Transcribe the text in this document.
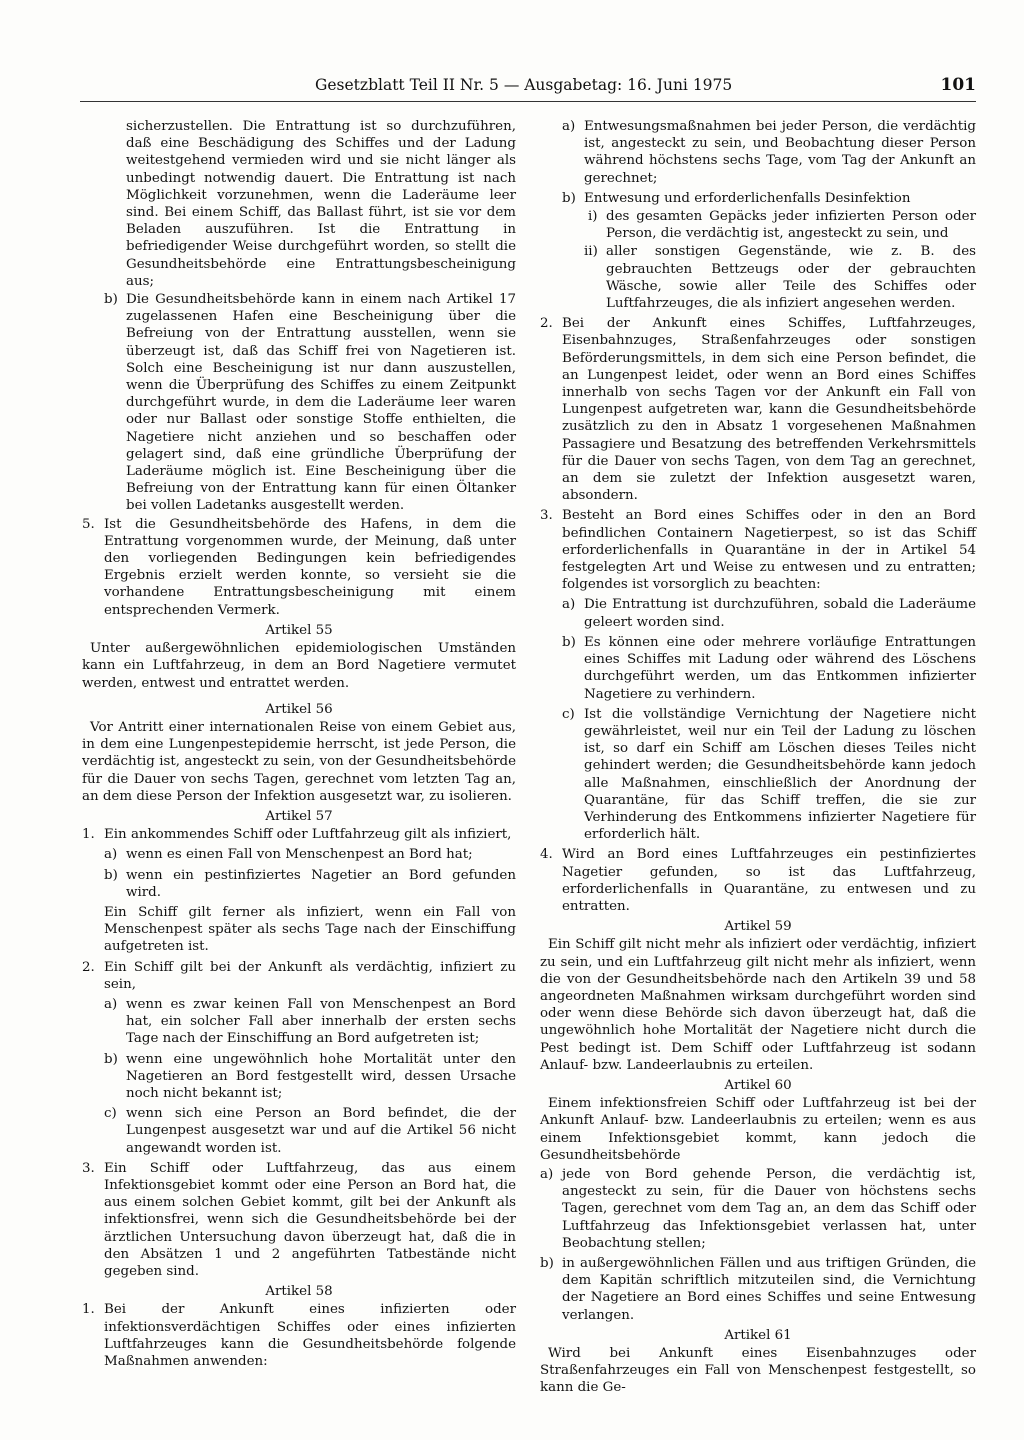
Gesetzblatt Teil II Nr. 5 — Ausgabetag: 16. Juni 1975	101

sicherzustellen. Die Entrattung ist so durchzuführen, daß eine Beschädigung des Schiffes und der Ladung weitestgehend vermieden wird und sie nicht länger als unbedingt notwendig dauert. Die Entrattung ist nach Möglichkeit vorzunehmen, wenn die Laderäume leer sind. Bei einem Schiff, das Ballast führt, ist sie vor dem Beladen auszuführen. Ist die Entrattung in befriedigender Weise durchgeführt worden, so stellt die Gesundheitsbehörde eine Entrattungsbescheinigung aus;

b) Die Gesundheitsbehörde kann in einem nach Artikel 17 zugelassenen Hafen eine Bescheinigung über die Befreiung von der Entrattung ausstellen, wenn sie überzeugt ist, daß das Schiff frei von Nagetieren ist. Solch eine Bescheinigung ist nur dann auszustellen, wenn die Überprüfung des Schiffes zu einem Zeitpunkt durchgeführt wurde, in dem die Laderäume leer waren oder nur Ballast oder sonstige Stoffe enthielten, die Nagetiere nicht anziehen und so beschaffen oder gelagert sind, daß eine gründliche Überprüfung der Laderäume möglich ist. Eine Bescheinigung über die Befreiung von der Entrattung kann für einen Öltanker bei vollen Ladetanks ausgestellt werden.
5. Ist die Gesundheitsbehörde des Hafens, in dem die Entrattung vorgenommen wurde, der Meinung, daß unter den vorliegenden Bedingungen kein befriedigendes Ergebnis erzielt werden konnte, so versieht sie die vorhandene Entrattungsbescheinigung mit einem entsprechenden Vermerk.
Artikel 55

Unter außergewöhnlichen epidemiologischen Umständen kann ein Luftfahrzeug, in dem an Bord Nagetiere vermutet werden, entwest und entrattet werden.

Artikel 56

Vor Antritt einer internationalen Reise von einem Gebiet aus, in dem eine Lungenpestepidemie herrscht, ist jede Person, die verdächtig ist, angesteckt zu sein, von der Gesundheitsbehörde für die Dauer von sechs Tagen, gerechnet vom letzten Tag an, an dem diese Person der Infektion ausgesetzt war, zu isolieren.

Artikel 57
1. Ein ankommendes Schiff oder Luftfahrzeug gilt als infiziert,
a) wenn es einen Fall von Menschenpest an Bord hat;
b) wenn ein pestinfiziertes Nagetier an Bord gefunden wird.

Ein Schiff gilt ferner als infiziert, wenn ein Fall von Menschenpest später als sechs Tage nach der Einschiffung aufgetreten ist.

2. Ein Schiff gilt bei der Ankunft als verdächtig, infiziert zu sein,
a) wenn es zwar keinen Fall von Menschenpest an Bord hat, ein solcher Fall aber innerhalb der ersten sechs Tage nach der Einschiffung an Bord aufgetreten ist;
b) wenn eine ungewöhnlich hohe Mortalität unter den Nagetieren an Bord festgestellt wird, dessen Ursache noch nicht bekannt ist;
c) wenn sich eine Person an Bord befindet, die der Lungenpest ausgesetzt war und auf die Artikel 56 nicht angewandt worden ist.
3. Ein Schiff oder Luftfahrzeug, das aus einem Infektionsgebiet kommt oder eine Person an Bord hat, die aus einem solchen Gebiet kommt, gilt bei der Ankunft als infektionsfrei, wenn sich die Gesundheitsbehörde bei der ärztlichen Untersuchung davon überzeugt hat, daß die in den Absätzen 1 und 2 angeführten Tatbestände nicht gegeben sind.
Artikel 58
1. Bei der Ankunft eines infizierten oder infektionsverdächtigen Schiffes oder eines infizierten Luftfahrzeuges kann die Gesundheitsbehörde folgende Maßnahmen anwenden:
a) Entwesungsmaßnahmen bei jeder Person, die verdächtig ist, angesteckt zu sein, und Beobachtung dieser Person während höchstens sechs Tage, vom Tag der Ankunft an gerechnet;
b) Entwesung und erforderlichenfalls Desinfektion
i) des gesamten Gepäcks jeder infizierten Person oder Person, die verdächtig ist, angesteckt zu sein, und
ii) aller sonstigen Gegenstände, wie z. B. des gebrauchten Bettzeugs oder der gebrauchten Wäsche, sowie aller Teile des Schiffes oder Luftfahrzeuges, die als infiziert angesehen werden.
2. Bei der Ankunft eines Schiffes, Luftfahrzeuges, Eisenbahnzuges, Straßenfahrzeuges oder sonstigen Beförderungsmittels, in dem sich eine Person befindet, die an Lungenpest leidet, oder wenn an Bord eines Schiffes innerhalb von sechs Tagen vor der Ankunft ein Fall von Lungenpest aufgetreten war, kann die Gesundheitsbehörde zusätzlich zu den in Absatz 1 vorgesehenen Maßnahmen Passagiere und Besatzung des betreffenden Verkehrsmittels für die Dauer von sechs Tagen, von dem Tag an gerechnet, an dem sie zuletzt der Infektion ausgesetzt waren, absondern.
3. Besteht an Bord eines Schiffes oder in den an Bord befindlichen Containern Nagetierpest, so ist das Schiff erforderlichenfalls in Quarantäne in der in Artikel 54 festgelegten Art und Weise zu entwesen und zu entratten; folgendes ist vorsorglich zu beachten:
a) Die Entrattung ist durchzuführen, sobald die Laderäume geleert worden sind.
b) Es können eine oder mehrere vorläufige Entrattungen eines Schiffes mit Ladung oder während des Löschens durchgeführt werden, um das Entkommen infizierter Nagetiere zu verhindern.
c) Ist die vollständige Vernichtung der Nagetiere nicht gewährleistet, weil nur ein Teil der Ladung zu löschen ist, so darf ein Schiff am Löschen dieses Teiles nicht gehindert werden; die Gesundheitsbehörde kann jedoch alle Maßnahmen, einschließlich der Anordnung der Quarantäne, für das Schiff treffen, die sie zur Verhinderung des Entkommens infizierter Nagetiere für erforderlich hält.
4. Wird an Bord eines Luftfahrzeuges ein pestinfiziertes Nagetier gefunden, so ist das Luftfahrzeug, erforderlichenfalls in Quarantäne, zu entwesen und zu entratten.
Artikel 59

Ein Schiff gilt nicht mehr als infiziert oder verdächtig, infiziert zu sein, und ein Luftfahrzeug gilt nicht mehr als infiziert, wenn die von der Gesundheitsbehörde nach den Artikeln 39 und 58 angeordneten Maßnahmen wirksam durchgeführt worden sind oder wenn diese Behörde sich davon überzeugt hat, daß die ungewöhnlich hohe Mortalität der Nagetiere nicht durch die Pest bedingt ist. Dem Schiff oder Luftfahrzeug ist sodann Anlauf- bzw. Landeerlaubnis zu erteilen.

Artikel 60

Einem infektionsfreien Schiff oder Luftfahrzeug ist bei der Ankunft Anlauf- bzw. Landeerlaubnis zu erteilen; wenn es aus einem Infektionsgebiet kommt, kann jedoch die Gesundheitsbehörde

a) jede von Bord gehende Person, die verdächtig ist, angesteckt zu sein, für die Dauer von höchstens sechs Tagen, gerechnet vom dem Tag an, an dem das Schiff oder Luftfahrzeug das Infektionsgebiet verlassen hat, unter Beobachtung stellen;
b) in außergewöhnlichen Fällen und aus triftigen Gründen, die dem Kapitän schriftlich mitzuteilen sind, die Vernichtung der Nagetiere an Bord eines Schiffes und seine Entwesung verlangen.
Artikel 61

Wird bei Ankunft eines Eisenbahnzuges oder Straßenfahrzeuges ein Fall von Menschenpest festgestellt, so kann die Ge-
